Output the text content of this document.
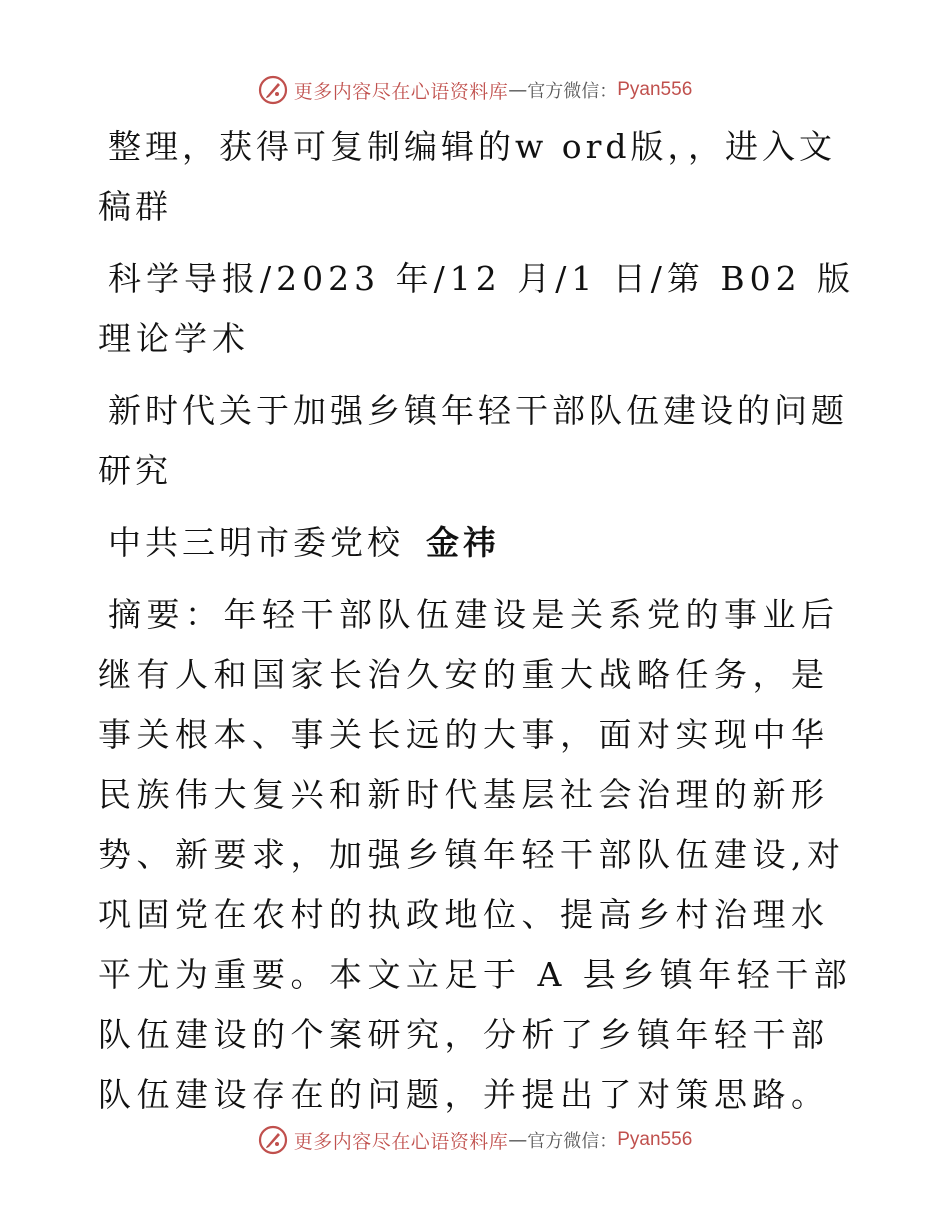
更多内容尽在心语资料库 — 官方微信： Pyan556

整理，获得可复制编辑的w ord版，，进入文稿群

科学导报/2023 年/12 月/1 日/第 B02 版理论学术

新时代关于加强乡镇年轻干部队伍建设的问题研究

中共三明市委党校 金祎

摘要：年轻干部队伍建设是关系党的事业后继有人和国家长治久安的重大战略任务，是事关根本、事关长远的大事，面对实现中华民族伟大复兴和新时代基层社会治理的新形势、新要求，加强乡镇年轻干部队伍建设,对巩固党在农村的执政地位、提高乡村治理水平尤为重要。本文立足于 A 县乡镇年轻干部队伍建设的个案研究，分析了乡镇年轻干部队伍建设存在的问题，并提出了对策思路。

更多内容尽在心语资料库 — 官方微信： Pyan556
